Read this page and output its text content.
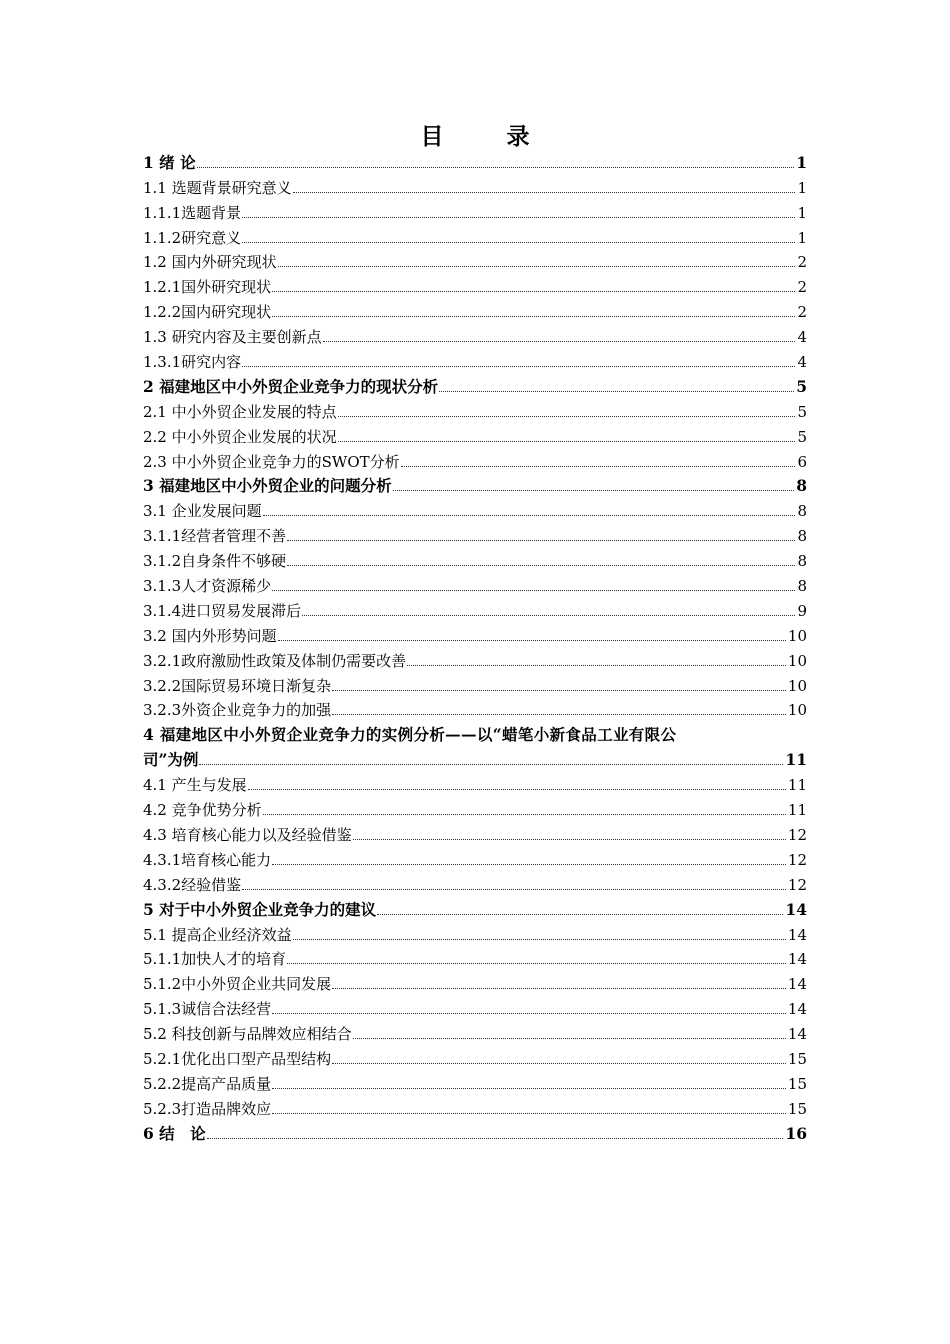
目　录
1 绪 论	1
1.1 选题背景研究意义	1
1.1.1选题背景	1
1.1.2研究意义	1
1.2 国内外研究现状	2
1.2.1国外研究现状	2
1.2.2国内研究现状	2
1.3 研究内容及主要创新点	4
1.3.1研究内容	4
2 福建地区中小外贸企业竞争力的现状分析	5
2.1 中小外贸企业发展的特点	5
2.2 中小外贸企业发展的状况	5
2.3 中小外贸企业竞争力的SWOT分析	6
3 福建地区中小外贸企业的问题分析	8
3.1 企业发展问题	8
3.1.1经营者管理不善	8
3.1.2自身条件不够硬	8
3.1.3人才资源稀少	8
3.1.4进口贸易发展滞后	9
3.2 国内外形势问题	10
3.2.1政府激励性政策及体制仍需要改善	10
3.2.2国际贸易环境日渐复杂	10
3.2.3外资企业竞争力的加强	10
4 福建地区中小外贸企业竞争力的实例分析——以“蜡笔小新食品工业有限公
司”为例	11
4.1 产生与发展	11
4.2 竞争优势分析	11
4.3 培育核心能力以及经验借鉴	12
4.3.1培育核心能力	12
4.3.2经验借鉴	12
5 对于中小外贸企业竞争力的建议	14
5.1 提高企业经济效益	14
5.1.1加快人才的培育	14
5.1.2中小外贸企业共同发展	14
5.1.3诚信合法经营	14
5.2 科技创新与品牌效应相结合	14
5.2.1优化出口型产品型结构	15
5.2.2提高产品质量	15
5.2.3打造品牌效应	15
6 结　论	16
